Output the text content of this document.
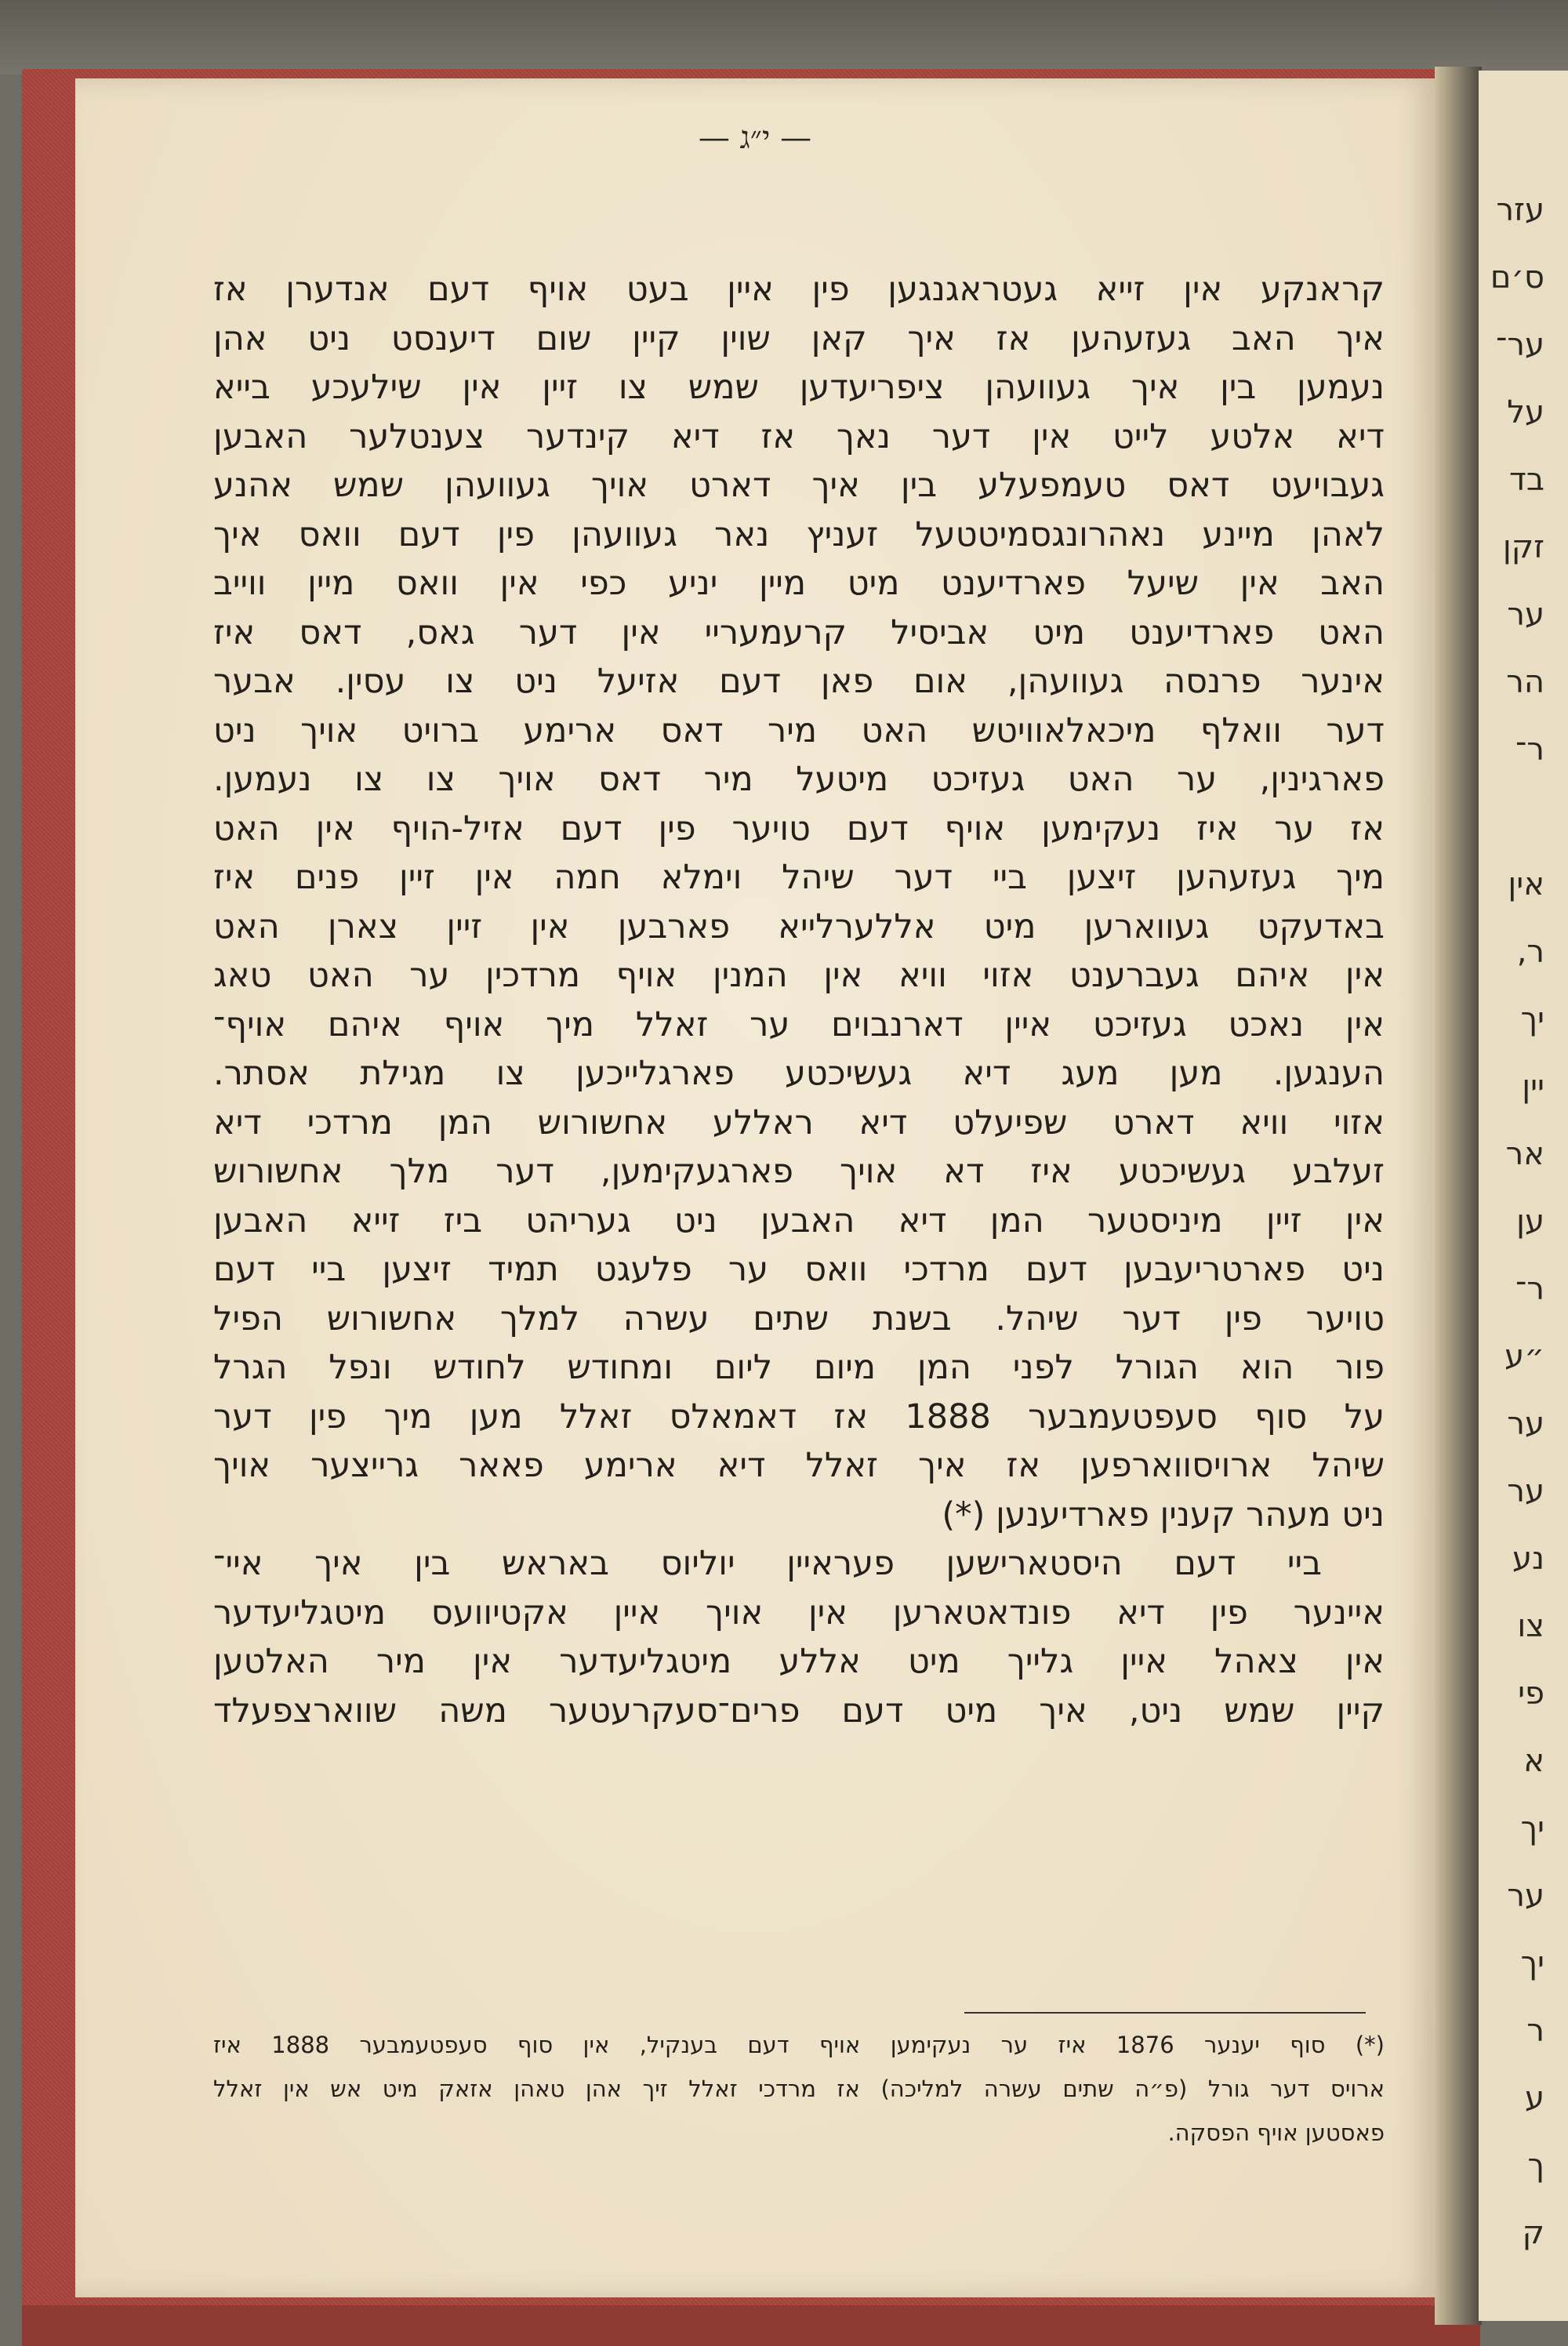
— י״ג —
קראנקע אין זייא געטראגנגען פין איין בעט אויף דעם אנדערן אז
איך האב געזעהען אז איך קאן שוין קיין שום דיענסט ניט אהן
נעמען בין איך געוועהן ציפריעדען שמש צו זיין אין שילעכע בייא
דיא אלטע לייט אין דער נאך אז דיא קינדער צענטלער האבען
געבויעט דאס טעמפעלע בין איך דארט אויך געוועהן שמש אהנע
לאהן מיינע נאהרונגסמיטטעל זעניץ נאר געוועהן פין דעם וואס איך
האב אין שיעל פארדיענט מיט מיין יניע כפי אין וואס מיין ווייב
האט פארדיענט מיט אביסיל קרעמעריי אין דער גאס, דאס איז
אינער פרנסה געוועהן, אום פאן דעם אזיעל ניט צו עסין. אבער
דער וואלף מיכאלאוויטש האט מיר דאס ארימע ברויט אויך ניט
פארגינין, ער האט געזיכט מיטעל מיר דאס אויך צו צו נעמען.
אז ער איז נעקימען אויף דעם טויער פין דעם אזיל-הויף אין האט
מיך געזעהען זיצען ביי דער שיהל וימלא חמה אין זיין פנים איז
באדעקט געווארען מיט אללערלייא פארבען אין זיין צארן האט
אין איהם געברענט אזוי וויא אין המנין אויף מרדכין ער האט טאג
אין נאכט געזיכט איין דארנבוים ער זאלל מיך אויף איהם אויף־
הענגען. מען מעג דיא געשיכטע פארגלייכען צו מגילת אסתר.
אזוי וויא דארט שפיעלט דיא ראללע אחשורוש המן מרדכי דיא
זעלבע געשיכטע איז דא אויך פארגעקימען, דער מלך אחשורוש
אין זיין מיניסטער המן דיא האבען ניט געריהט ביז זייא האבען
ניט פארטריעבען דעם מרדכי וואס ער פלעגט תמיד זיצען ביי דעם
טויער פין דער שיהל. בשנת שתים עשרה למלך אחשורוש הפיל
פור הוא הגורל לפני המן מיום ליום ומחודש לחודש ונפל הגרל
על סוף סעפטעמבער 1888 אז דאמאלס זאלל מען מיך פין דער
שיהל ארויסווארפען אז איך זאלל דיא ארימע פאאר גרייצער אויך
ניט מעהר קענין פארדיענען (*)
ביי דעם היסטארישען פעראיין יוליוס באראש בין איך איי־
איינער פין דיא פונדאטארען אין אויך איין אקטיוועס מיטגליעדער
אין צאהל איין גלייך מיט אללע מיטגליעדער אין מיר האלטען
קיין שמש ניט, איך מיט דעם פרים־סעקרעטער משה שווארצפעלד
(*) סוף יענער 1876 איז ער נעקימען אויף דעם בענקיל, אין סוף סעפטעמבער 1888 איז
ארויס דער גורל (פ״ה שתים עשרה למליכה) אז מרדכי זאלל זיך אהן טאהן אזאק מיט אש אין זאלל
פאסטען אויף הפסקה.
עזר
ס׳ם
ער־
על
בד
זקן
ער
הר
ר־
אין
ר,
יך
יין
אר
ען
ר־
״ע
ער
ער
נע
צו
פי
א
יך
ער
יך
ר
ע
ך
ק
